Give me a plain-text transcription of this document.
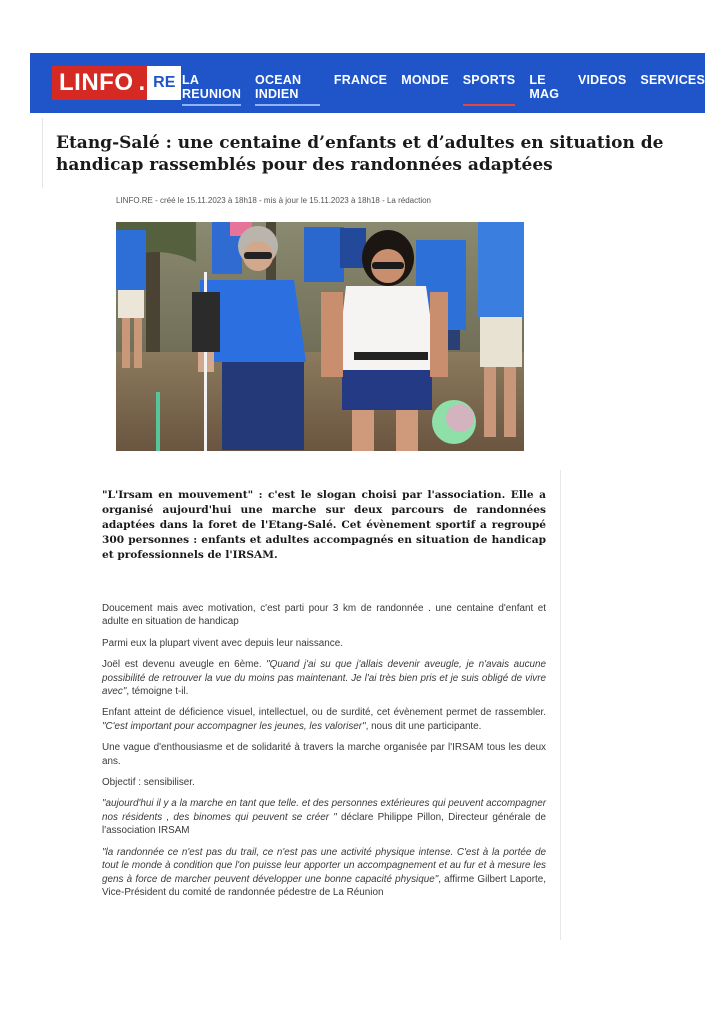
LINFO . RE LA REUNION
OCEAN INDIEN
FRANCE MONDE SPORTS LE MAG
VIDEOS SERVICES
Etang-Salé : une centaine d’enfants et d’adultes en situation de handicap rassemblés pour des randonnées adaptées
LINFO.RE - créé le 15.11.2023 à 18h18 - mis à jour le 15.11.2023 à 18h18 - La rédaction

"L'Irsam en mouvement" : c'est le slogan choisi par l'association. Elle a organisé aujourd'hui une marche sur deux parcours de randonnées adaptées dans la foret de l'Etang-Salé. Cet évènement sportif a regroupé 300 personnes : enfants et adultes accompagnés en situation de handicap et professionnels de l'IRSAM.

Doucement mais avec motivation, c'est parti pour 3 km de randonnée . une centaine d'enfant et adulte en situation de handicap

Parmi eux la plupart vivent avec depuis leur naissance.

Joël est devenu aveugle en 6ème. "Quand j'ai su que j'allais devenir aveugle, je n'avais aucune possibilité de retrouver la vue du moins pas maintenant. Je l'ai très bien pris et je suis obligé de vivre avec", témoigne t-il.

Enfant atteint de déficience visuel, intellectuel, ou de surdité, cet évènement permet de rassembler. "C'est important pour accompagner les jeunes, les valoriser", nous dit une participante.

Une vague d'enthousiasme et de solidarité à travers la marche organisée par l'IRSAM tous les deux ans.

Objectif : sensibiliser.

"aujourd'hui il y a la marche en tant que telle. et des personnes extérieures qui peuvent accompagner nos résidents , des binomes qui peuvent se créer " déclare Philippe Pillon, Directeur générale de l'association IRSAM

"la randonnée ce n'est pas du trail, ce n'est pas une activité physique intense. C'est à la portée de tout le monde à condition que l'on puisse leur apporter un accompagnement et au fur et à mesure les gens à force de marcher peuvent développer une bonne capacité physique", affirme Gilbert Laporte, Vice-Président du comité de randonnée pédestre de La Réunion
